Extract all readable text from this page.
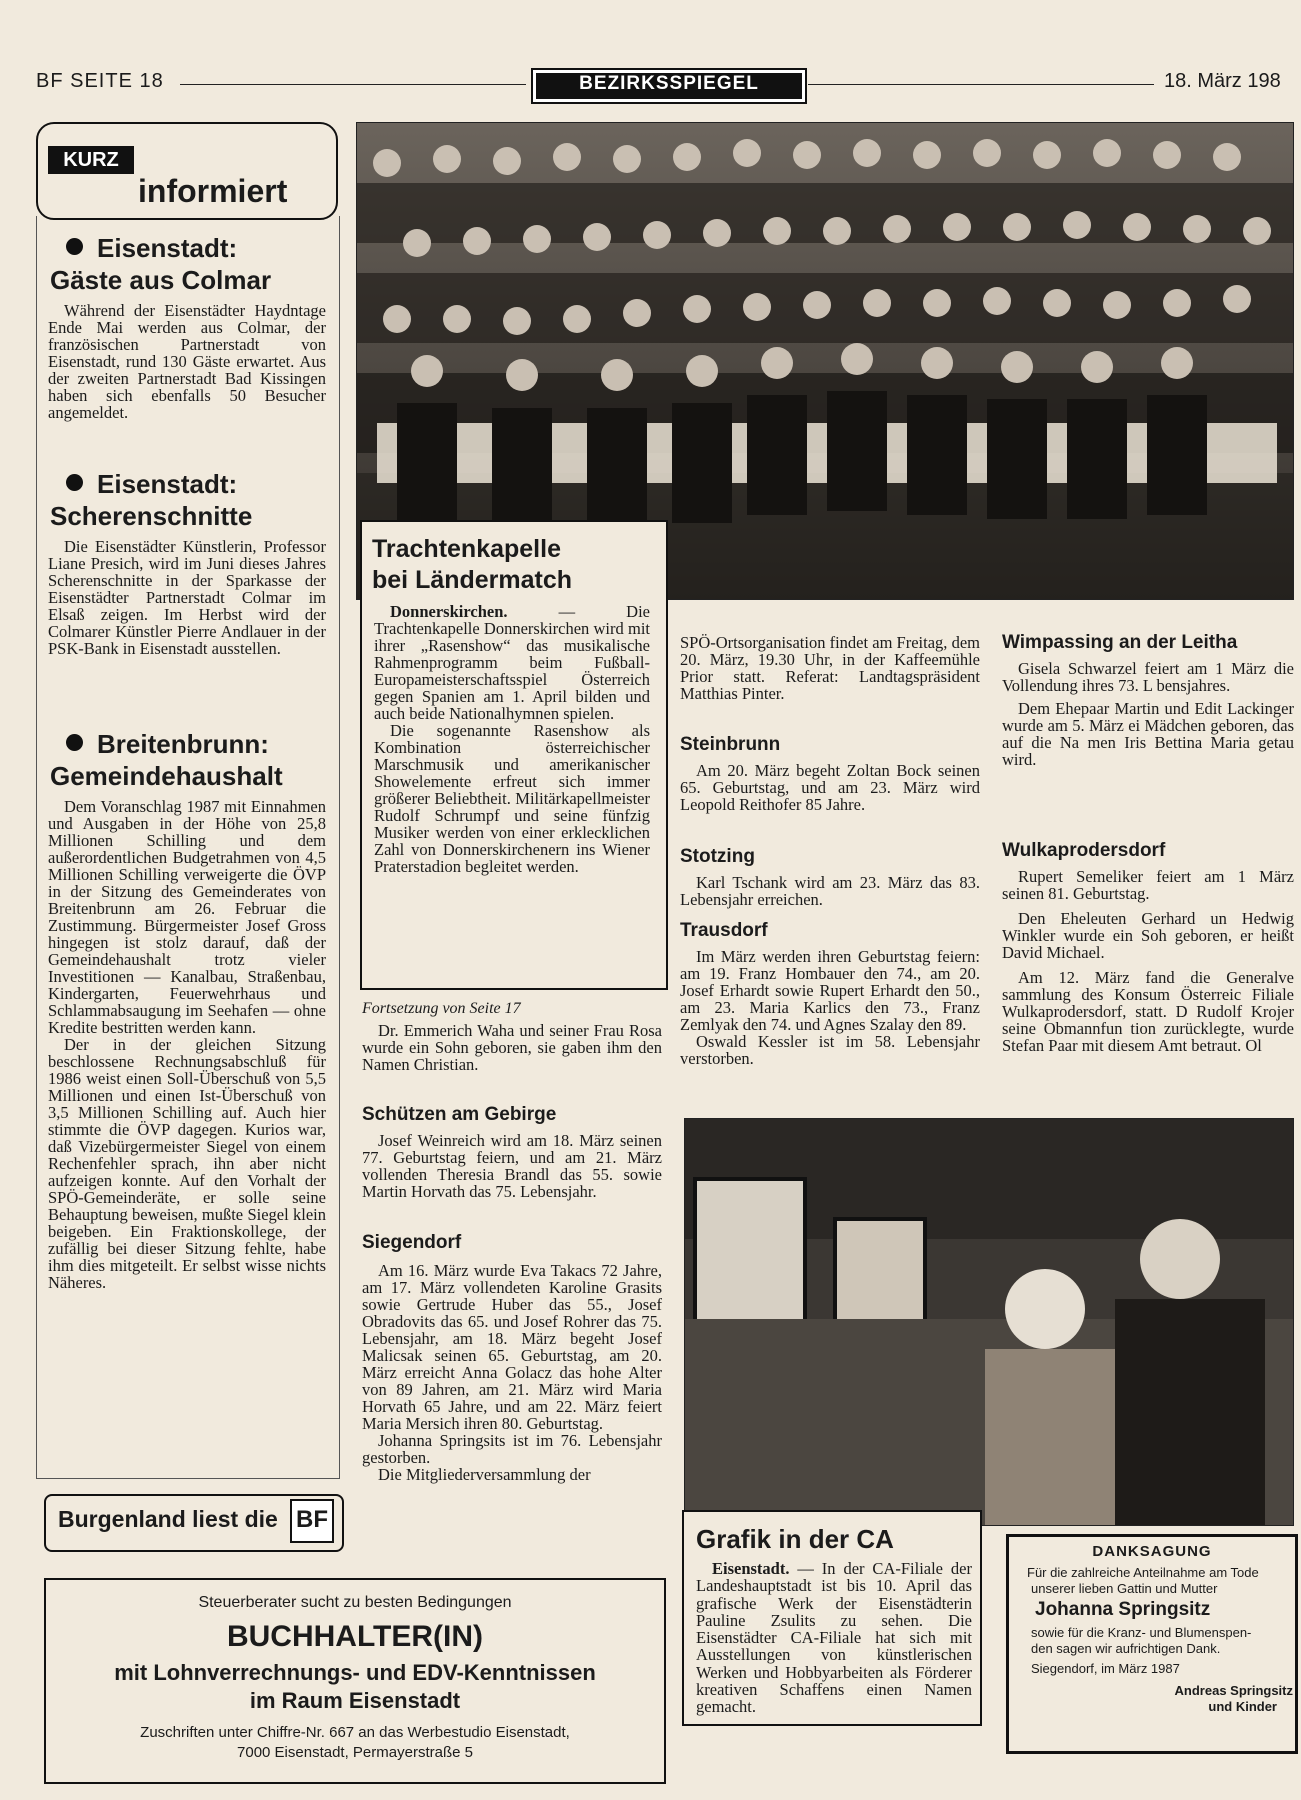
BF SEITE 18	BEZIRKSSPIEGEL	18. März 198
KURZ
informiert
Eisenstadt:
Gäste aus Colmar

Während der Eisenstädter Haydntage Ende Mai werden aus Colmar, der französischen Partnerstadt von Eisenstadt, rund 130 Gäste erwartet. Aus der zweiten Partnerstadt Bad Kissingen haben sich ebenfalls 50 Besucher angemeldet.

Eisenstadt:
Scherenschnitte

Die Eisenstädter Künstlerin, Professor Liane Presich, wird im Juni dieses Jahres Scherenschnitte in der Sparkasse der Eisenstädter Partnerstadt Colmar im Elsaß zeigen. Im Herbst wird der Colmarer Künstler Pierre Andlauer in der PSK-Bank in Eisenstadt ausstellen.

Breitenbrunn:
Gemeindehaushalt

Dem Voranschlag 1987 mit Einnahmen und Ausgaben in der Höhe von 25,8 Millionen Schilling und dem außerordentlichen Budgetrahmen von 4,5 Millionen Schilling verweigerte die ÖVP in der Sitzung des Gemeinderates von Breitenbrunn am 26. Februar die Zustimmung. Bürgermeister Josef Gross hingegen ist stolz darauf, daß der Gemeindehaushalt trotz vieler Investitionen — Kanalbau, Straßenbau, Kindergarten, Feuerwehrhaus und Schlammabsaugung im Seehafen — ohne Kredite bestritten werden kann.

Der in der gleichen Sitzung beschlossene Rechnungsabschluß für 1986 weist einen Soll-Überschuß von 5,5 Millionen und einen Ist-Überschuß von 3,5 Millionen Schilling auf. Auch hier stimmte die ÖVP dagegen. Kurios war, daß Vizebürgermeister Siegel von einem Rechenfehler sprach, ihn aber nicht aufzeigen konnte. Auf den Vorhalt der SPÖ-Gemeinderäte, er solle seine Behauptung beweisen, mußte Siegel klein beigeben. Ein Fraktionskollege, der zufällig bei dieser Sitzung fehlte, habe ihm dies mitgeteilt. Er selbst wisse nichts Näheres.

Burgenland liest die BF
Steuerberater sucht zu besten Bedingungen
BUCHHALTER(IN)
mit Lohnverrechnungs- und EDV-Kenntnissen
im Raum Eisenstadt
Zuschriften unter Chiffre-Nr. 667 an das Werbestudio Eisenstadt,
7000 Eisenstadt, Permayerstraße 5
Trachtenkapelle
bei Ländermatch

Donnerskirchen. — Die Trachtenkapelle Donnerskirchen wird mit ihrer „Rasenshow“ das musikalische Rahmenprogramm beim Fußball-Europameisterschaftsspiel Österreich gegen Spanien am 1. April bilden und auch beide Nationalhymnen spielen.

Die sogenannte Rasenshow als Kombination österreichischer Marschmusik und amerikanischer Showelemente erfreut sich immer größerer Beliebtheit. Militärkapellmeister Rudolf Schrumpf und seine fünfzig Musiker werden von einer erklecklichen Zahl von Donnerskirchenern ins Wiener Praterstadion begleitet werden.

Fortsetzung von Seite 17

Dr. Emmerich Waha und seiner Frau Rosa wurde ein Sohn geboren, sie gaben ihm den Namen Christian.

Schützen am Gebirge

Josef Weinreich wird am 18. März seinen 77. Geburtstag feiern, und am 21. März vollenden Theresia Brandl das 55. sowie Martin Horvath das 75. Lebensjahr.

Siegendorf

Am 16. März wurde Eva Takacs 72 Jahre, am 17. März vollendeten Karoline Grasits sowie Gertrude Huber das 55., Josef Obradovits das 65. und Josef Rohrer das 75. Lebensjahr, am 18. März begeht Josef Malicsak seinen 65. Geburtstag, am 20. März erreicht Anna Golacz das hohe Alter von 89 Jahren, am 21. März wird Maria Horvath 65 Jahre, und am 22. März feiert Maria Mersich ihren 80. Geburtstag.

Johanna Springsits ist im 76. Lebensjahr gestorben.

Die Mitgliederversammlung der

SPÖ-Ortsorganisation findet am Freitag, dem 20. März, 19.30 Uhr, in der Kaffeemühle Prior statt. Referat: Landtagspräsident Matthias Pinter.

Steinbrunn

Am 20. März begeht Zoltan Bock seinen 65. Geburtstag, und am 23. März wird Leopold Reithofer 85 Jahre.

Stotzing

Karl Tschank wird am 23. März das 83. Lebensjahr erreichen.

Trausdorf

Im März werden ihren Geburtstag feiern: am 19. Franz Hombauer den 74., am 20. Josef Erhardt sowie Rupert Erhardt den 50., am 23. Maria Karlics den 73., Franz Zemlyak den 74. und Agnes Szalay den 89.

Oswald Kessler ist im 58. Lebensjahr verstorben.

Wimpassing an der Leitha

Gisela Schwarzel feiert am 1 März die Vollendung ihres 73. L bensjahres.

Dem Ehepaar Martin und Edit Lackinger wurde am 5. März ei Mädchen geboren, das auf die Na men Iris Bettina Maria getau wird.

Wulkaprodersdorf

Rupert Semeliker feiert am 1 März seinen 81. Geburtstag.

Den Eheleuten Gerhard un Hedwig Winkler wurde ein Soh geboren, er heißt David Michael.

Am 12. März fand die Generalve sammlung des Konsum Österreic Filiale Wulkaprodersdorf, statt. D Rudolf Krojer seine Obmannfun tion zurücklegte, wurde Stefan Paar mit diesem Amt betraut. Ol

Grafik in der CA

Eisenstadt. — In der CA-Filiale der Landeshauptstadt ist bis 10. April das grafische Werk der Eisenstädterin Pauline Zsulits zu sehen. Die Eisenstädter CA-Filiale hat sich mit Ausstellungen von künstlerischen Werken und Hobbyarbeiten als Förderer kreativen Schaffens einen Namen gemacht.

DANKSAGUNG
Für die zahlreiche Anteilnahme am Tode
unserer lieben Gattin und Mutter
Johanna Springsitz
sowie für die Kranz- und Blumenspen-
den sagen wir aufrichtigen Dank.
Siegendorf, im März 1987
Andreas Springsitz
und Kinder
